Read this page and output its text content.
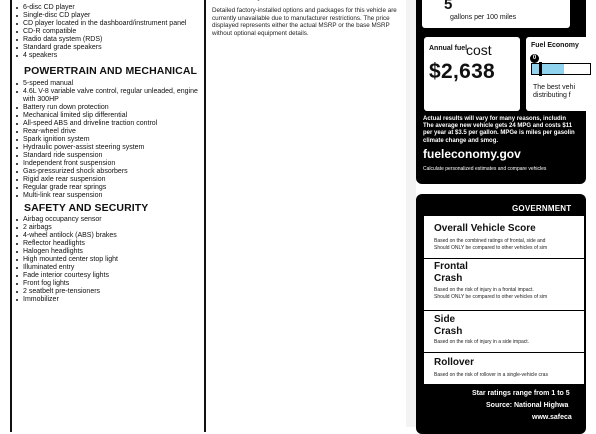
6-disc CD player
Single-disc CD player
CD player located in the dashboard/instrument panel
CD-R compatible
Radio data system (RDS)
Standard grade speakers
4 speakers
POWERTRAIN AND MECHANICAL
5-speed manual
4.6L V-8 variable valve control, regular unleaded, engine with 300HP
Battery run down protection
Mechanical limited slip differential
All-speed ABS and driveline traction control
Rear-wheel drive
Spark ignition system
Hydraulic power-assist steering system
Standard ride suspension
Independent front suspension
Gas-pressurized shock absorbers
Rigid axle rear suspension
Regular grade rear springs
Multi-link rear suspension
SAFETY AND SECURITY
Airbag occupancy sensor
2 airbags
4-wheel antilock (ABS) brakes
Reflector headlights
Halogen headlights
High mounted center stop light
Illuminated entry
Fade interior courtesy lights
Front fog lights
2 seatbelt pre-tensioners
Immobilizer
Detailed factory-installed options and packages for this vehicle are currently unavailable due to manufacturer restrictions. The price displayed represents either the actual MSRP or the base MSRP without optional equipment details.
5
gallons per 100 miles
Annual fuel
cost
$2,638
Fuel Economy
0
The best vehi
distributing f
Actual results will vary for many reasons, includin
The average new vehicle gets 24 MPG and costs $11
per year at $3.5 per gallon. MPGe is miles per gasolin
climate change and smog.
fueleconomy.gov
Calculate personalized estimates and compare vehicles
GOVERNMENT
Overall Vehicle Score
Based on the combined ratings of frontal, side and
Should ONLY be compared to other vehicles of sim
Frontal Crash
Based on the risk of injury in a frontal impact.
Should ONLY be compared to other vehicles of sim
Side Crash
Based on the risk of injury in a side impact.
Rollover
Based on the risk of rollover in a single-vehicle cras
Star ratings range from 1 to 5
Source: National Highwa
www.safeca
